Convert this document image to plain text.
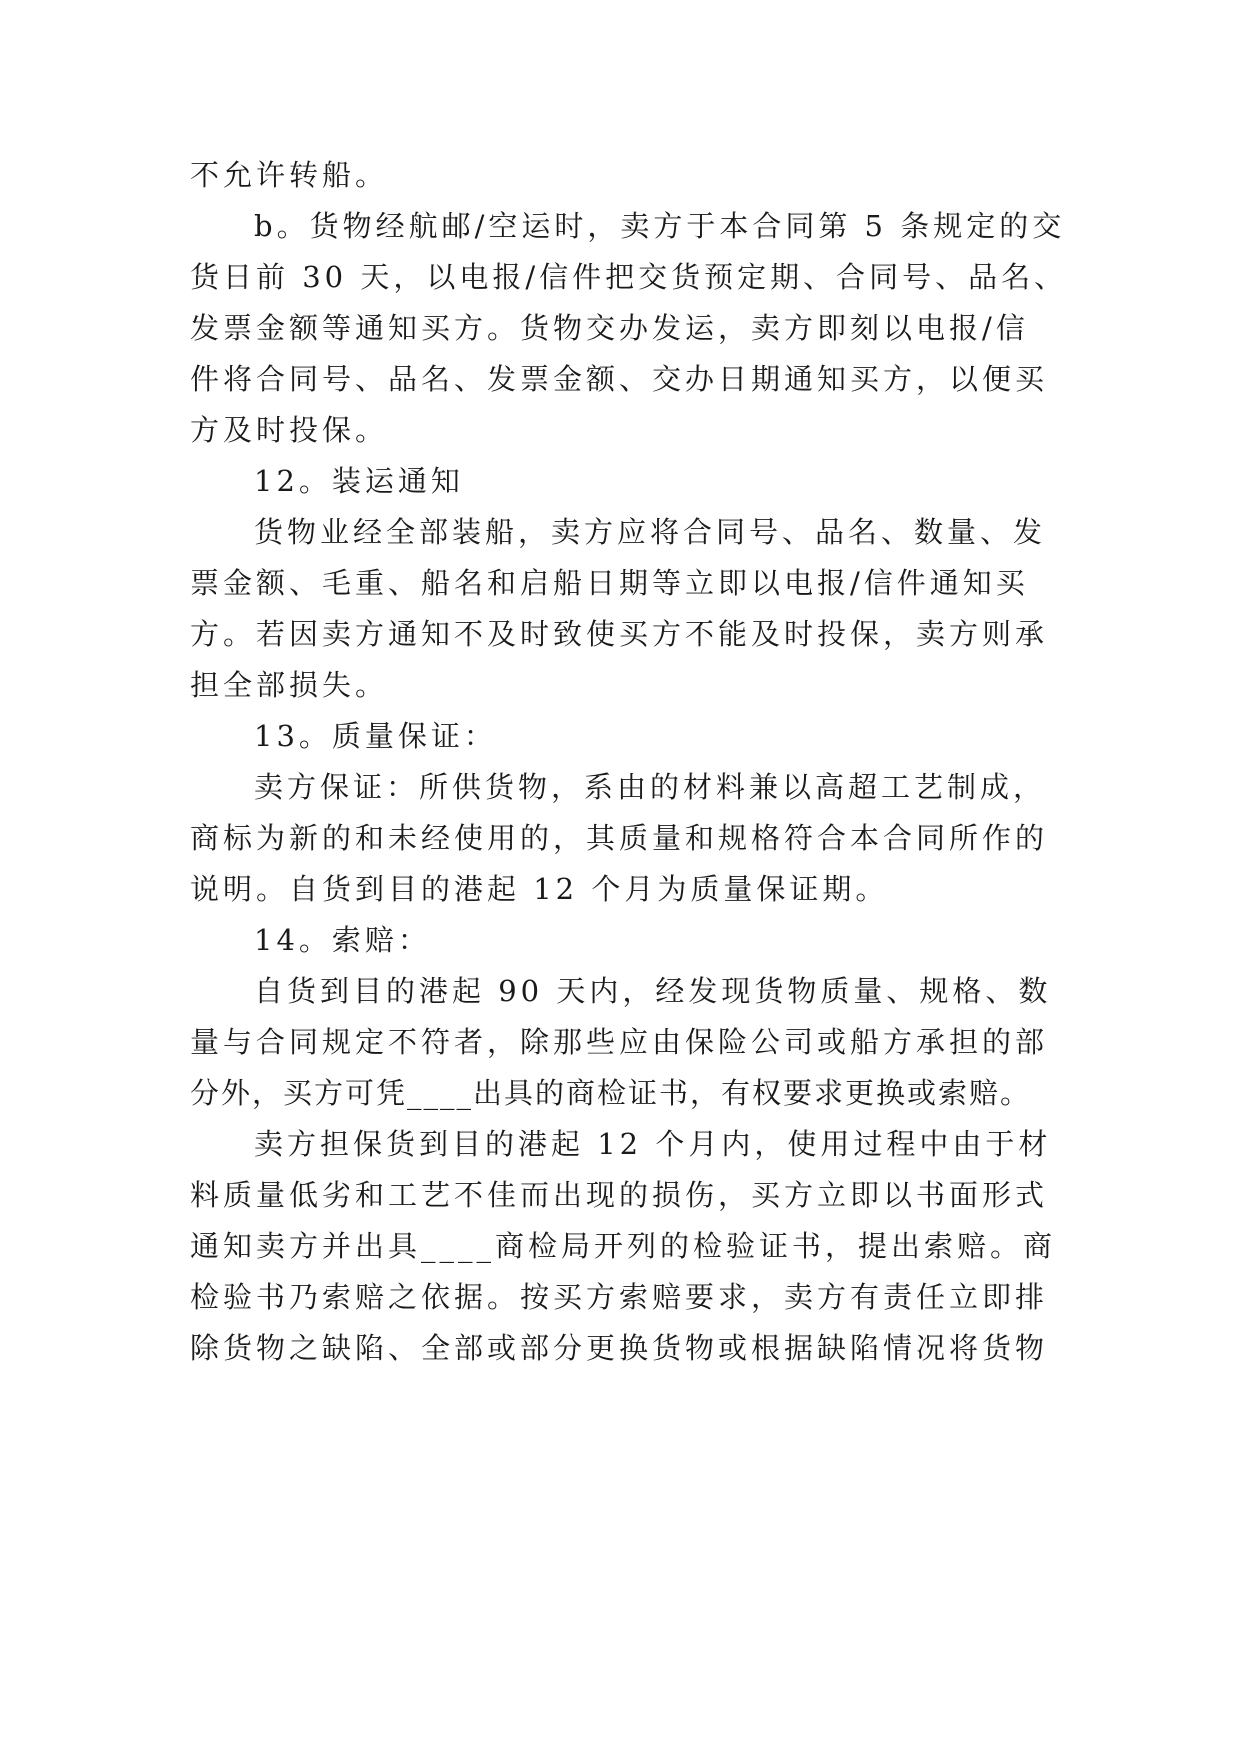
不允许转船。
b。货物经航邮/空运时，卖方于本合同第 5 条规定的交
货日前 30 天，以电报/信件把交货预定期、合同号、品名、
发票金额等通知买方。货物交办发运，卖方即刻以电报/信
件将合同号、品名、发票金额、交办日期通知买方，以便买
方及时投保。
12。装运通知
货物业经全部装船，卖方应将合同号、品名、数量、发
票金额、毛重、船名和启船日期等立即以电报/信件通知买
方。若因卖方通知不及时致使买方不能及时投保，卖方则承
担全部损失。
13。质量保证：
卖方保证：所供货物，系由的材料兼以高超工艺制成，
商标为新的和未经使用的，其质量和规格符合本合同所作的
说明。自货到目的港起 12 个月为质量保证期。
14。索赔：
自货到目的港起 90 天内，经发现货物质量、规格、数
量与合同规定不符者，除那些应由保险公司或船方承担的部
分外，买方可凭____出具的商检证书，有权要求更换或索赔。
卖方担保货到目的港起 12 个月内，使用过程中由于材
料质量低劣和工艺不佳而出现的损伤，买方立即以书面形式
通知卖方并出具____商检局开列的检验证书，提出索赔。商
检验书乃索赔之依据。按买方索赔要求，卖方有责任立即排
除货物之缺陷、全部或部分更换货物或根据缺陷情况将货物
